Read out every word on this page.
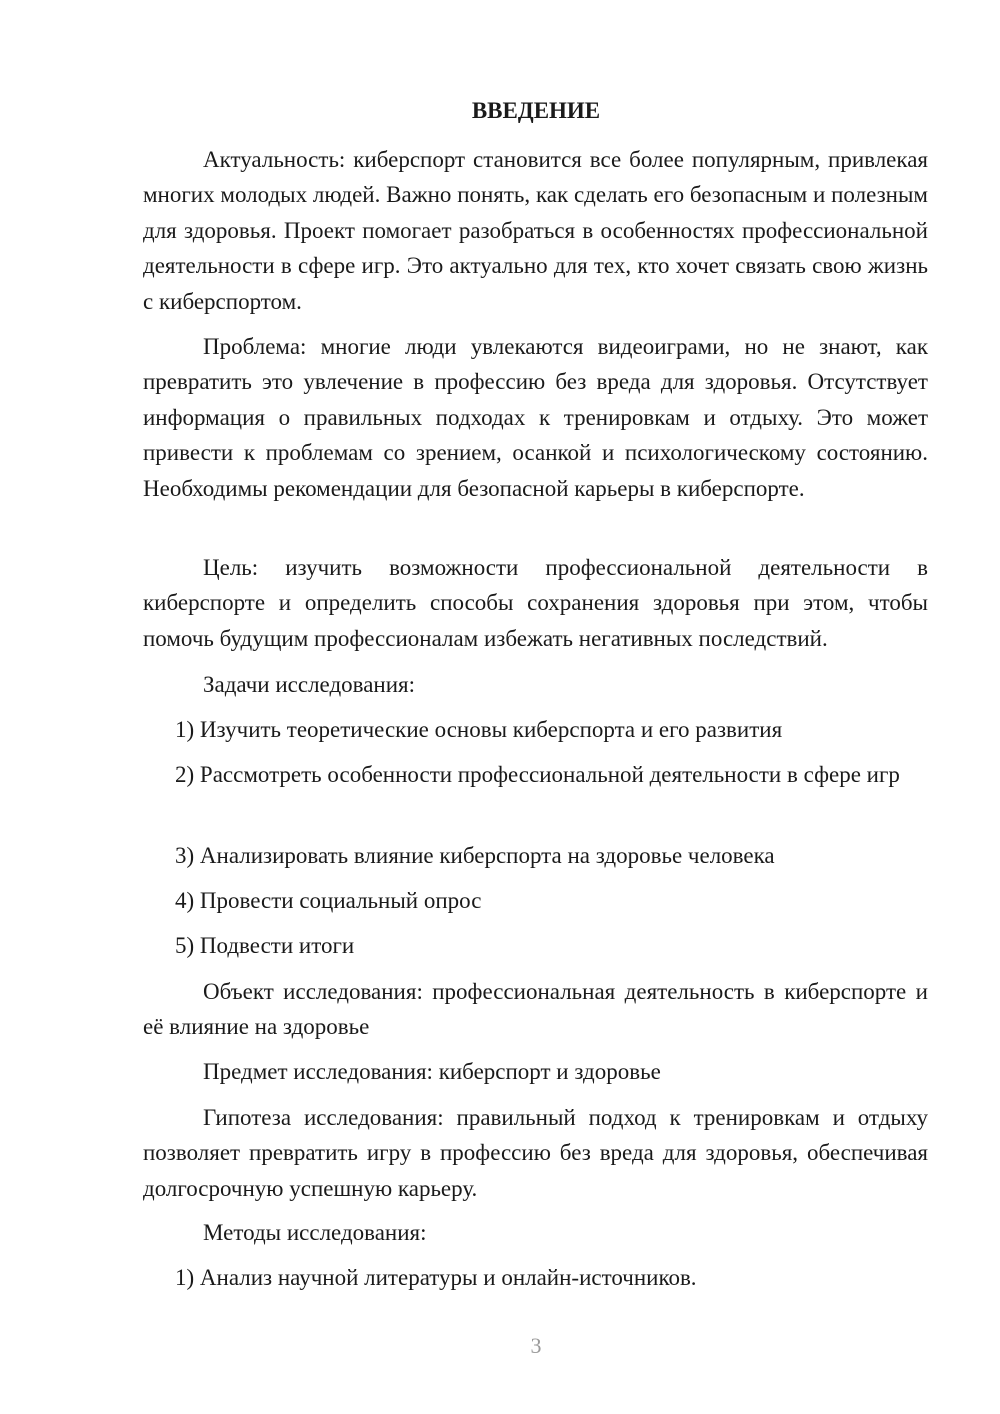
ВВЕДЕНИЕ

Актуальность: киберспорт становится все более популярным, привлекая многих молодых людей. Важно понять, как сделать его безопасным и полезным для здоровья. Проект помогает разобраться в особенностях профессиональной деятельности в сфере игр. Это актуально для тех, кто хочет связать свою жизнь с киберспортом.

Проблема: многие люди увлекаются видеоиграми, но не знают, как превратить это увлечение в профессию без вреда для здоровья. Отсутствует информация о правильных подходах к тренировкам и отдыху. Это может привести к проблемам со зрением, осанкой и психологическому состоянию. Необходимы рекомендации для безопасной карьеры в киберспорте.

Цель: изучить возможности профессиональной деятельности в киберспорте и определить способы сохранения здоровья при этом, чтобы помочь будущим профессионалам избежать негативных последствий.

Задачи исследования:

1) Изучить теоретические основы киберспорта и его развития

2) Рассмотреть особенности профессиональной деятельности в сфере игр

3) Анализировать влияние киберспорта на здоровье человека

4) Провести социальный опрос

5) Подвести итоги

Объект исследования: профессиональная деятельность в киберспорте и её влияние на здоровье

Предмет исследования: киберспорт и здоровье

Гипотеза исследования: правильный подход к тренировкам и отдыху позволяет превратить игру в профессию без вреда для здоровья, обеспечивая долгосрочную успешную карьеру.

Методы исследования:

1) Анализ научной литературы и онлайн-источников.

3
